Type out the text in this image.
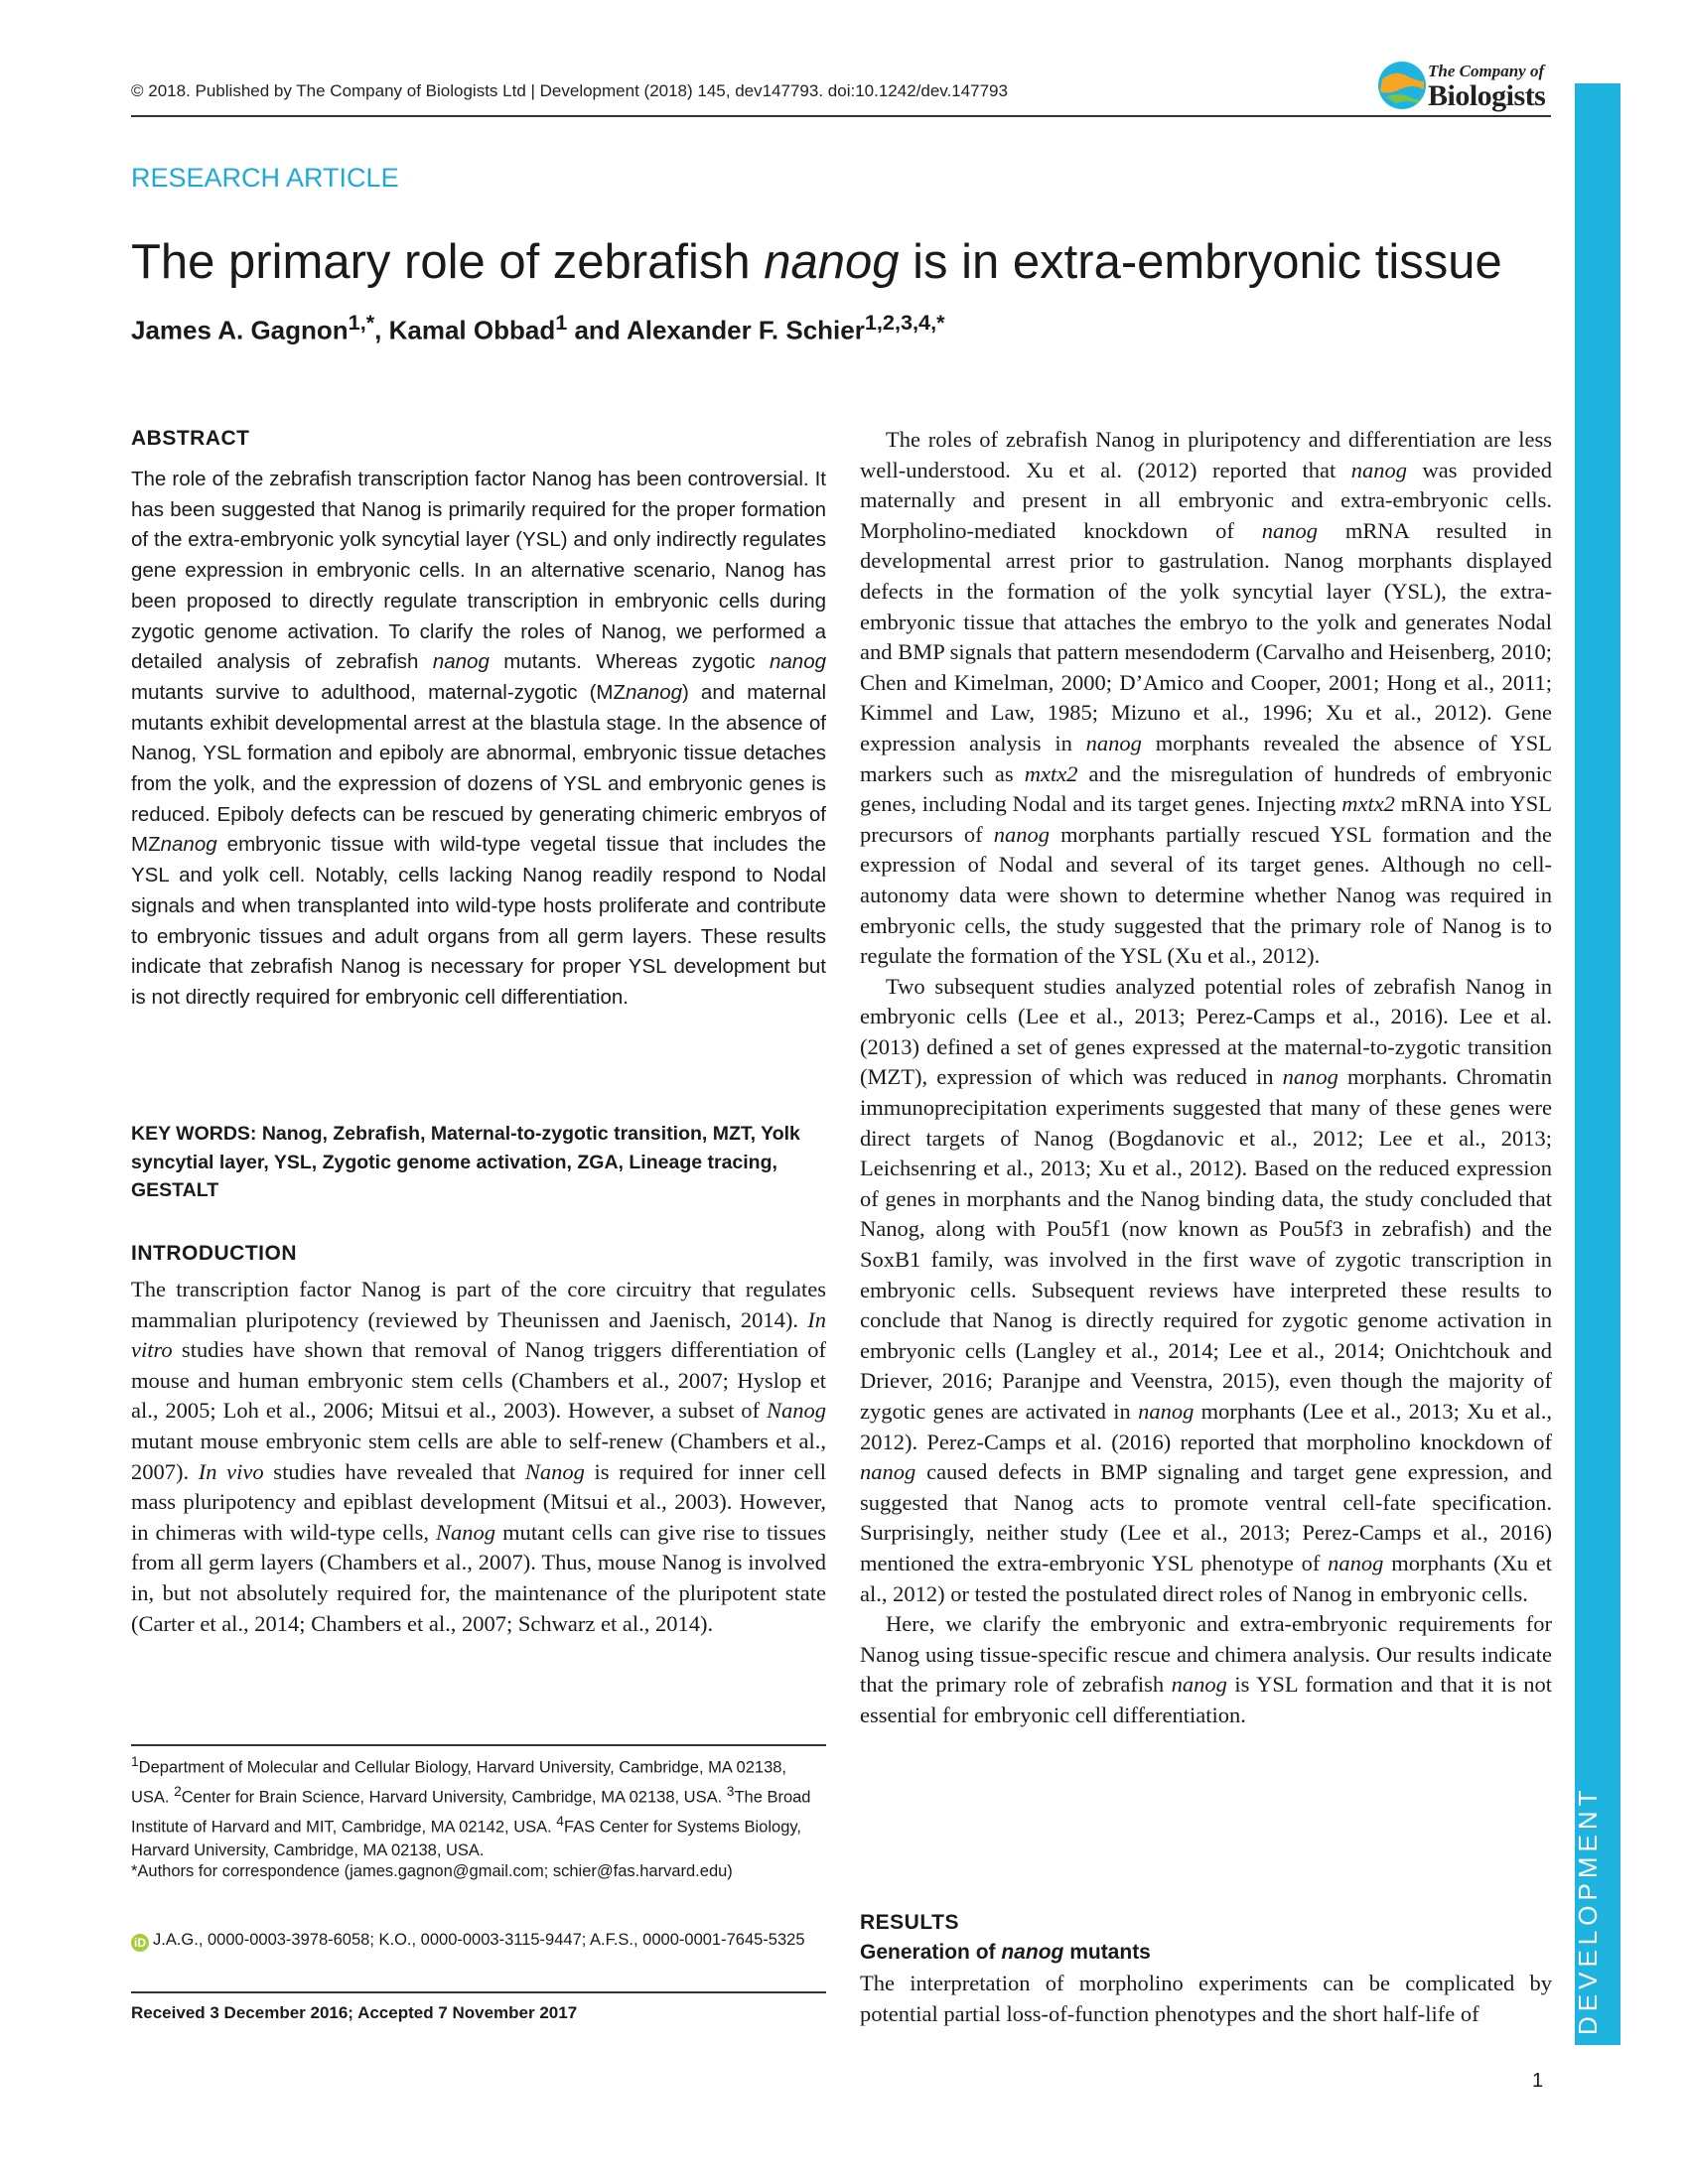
© 2018. Published by The Company of Biologists Ltd | Development (2018) 145, dev147793. doi:10.1242/dev.147793
The Company of
Biologists
DEVELOPMENT
RESEARCH ARTICLE
The primary role of zebrafish nanog is in extra-embryonic tissue
James A. Gagnon$^{1,*}$, Kamal Obbad$^1$ and Alexander F. Schier$^{1,2,3,4,*}$
ABSTRACT
The role of the zebrafish transcription factor Nanog has been controversial. It has been suggested that Nanog is primarily required for the proper formation of the extra-embryonic yolk syncytial layer (YSL) and only indirectly regulates gene expression in embryonic cells. In an alternative scenario, Nanog has been proposed to directly regulate transcription in embryonic cells during zygotic genome activation. To clarify the roles of Nanog, we performed a detailed analysis of zebrafish nanog mutants. Whereas zygotic nanog mutants survive to adulthood, maternal-zygotic (MZnanog) and maternal mutants exhibit developmental arrest at the blastula stage. In the absence of Nanog, YSL formation and epiboly are abnormal, embryonic tissue detaches from the yolk, and the expression of dozens of YSL and embryonic genes is reduced. Epiboly defects can be rescued by generating chimeric embryos of MZnanog embryonic tissue with wild-type vegetal tissue that includes the YSL and yolk cell. Notably, cells lacking Nanog readily respond to Nodal signals and when transplanted into wild-type hosts proliferate and contribute to embryonic tissues and adult organs from all germ layers. These results indicate that zebrafish Nanog is necessary for proper YSL development but is not directly required for embryonic cell differentiation.
KEY WORDS: Nanog, Zebrafish, Maternal-to-zygotic transition, MZT, Yolk syncytial layer, YSL, Zygotic genome activation, ZGA, Lineage tracing, GESTALT
INTRODUCTION
The transcription factor Nanog is part of the core circuitry that regulates mammalian pluripotency (reviewed by Theunissen and Jaenisch, 2014). In vitro studies have shown that removal of Nanog triggers differentiation of mouse and human embryonic stem cells (Chambers et al., 2007; Hyslop et al., 2005; Loh et al., 2006; Mitsui et al., 2003). However, a subset of Nanog mutant mouse embryonic stem cells are able to self-renew (Chambers et al., 2007). In vivo studies have revealed that Nanog is required for inner cell mass pluripotency and epiblast development (Mitsui et al., 2003). However, in chimeras with wild-type cells, Nanog mutant cells can give rise to tissues from all germ layers (Chambers et al., 2007). Thus, mouse Nanog is involved in, but not absolutely required for, the maintenance of the pluripotent state (Carter et al., 2014; Chambers et al., 2007; Schwarz et al., 2014).
$^1$Department of Molecular and Cellular Biology, Harvard University, Cambridge, MA 02138, USA. $^2$Center for Brain Science, Harvard University, Cambridge, MA 02138, USA. $^3$The Broad Institute of Harvard and MIT, Cambridge, MA 02142, USA. $^4$FAS Center for Systems Biology, Harvard University, Cambridge, MA 02138, USA.
*Authors for correspondence (james.gagnon@gmail.com; schier@fas.harvard.edu)
iD J.A.G., 0000-0003-3978-6058; K.O., 0000-0003-3115-9447; A.F.S., 0000-0001-7645-5325
Received 3 December 2016; Accepted 7 November 2017

The roles of zebrafish Nanog in pluripotency and differentiation are less well-understood. Xu et al. (2012) reported that nanog was provided maternally and present in all embryonic and extra-embryonic cells. Morpholino-mediated knockdown of nanog mRNA resulted in developmental arrest prior to gastrulation. Nanog morphants displayed defects in the formation of the yolk syncytial layer (YSL), the extra-embryonic tissue that attaches the embryo to the yolk and generates Nodal and BMP signals that pattern mesendoderm (Carvalho and Heisenberg, 2010; Chen and Kimelman, 2000; D’Amico and Cooper, 2001; Hong et al., 2011; Kimmel and Law, 1985; Mizuno et al., 1996; Xu et al., 2012). Gene expression analysis in nanog morphants revealed the absence of YSL markers such as mxtx2 and the misregulation of hundreds of embryonic genes, including Nodal and its target genes. Injecting mxtx2 mRNA into YSL precursors of nanog morphants partially rescued YSL formation and the expression of Nodal and several of its target genes. Although no cell-autonomy data were shown to determine whether Nanog was required in embryonic cells, the study suggested that the primary role of Nanog is to regulate the formation of the YSL (Xu et al., 2012).

Two subsequent studies analyzed potential roles of zebrafish Nanog in embryonic cells (Lee et al., 2013; Perez-Camps et al., 2016). Lee et al. (2013) defined a set of genes expressed at the maternal-to-zygotic transition (MZT), expression of which was reduced in nanog morphants. Chromatin immunoprecipitation experiments suggested that many of these genes were direct targets of Nanog (Bogdanovic et al., 2012; Lee et al., 2013; Leichsenring et al., 2013; Xu et al., 2012). Based on the reduced expression of genes in morphants and the Nanog binding data, the study concluded that Nanog, along with Pou5f1 (now known as Pou5f3 in zebrafish) and the SoxB1 family, was involved in the first wave of zygotic transcription in embryonic cells. Subsequent reviews have interpreted these results to conclude that Nanog is directly required for zygotic genome activation in embryonic cells (Langley et al., 2014; Lee et al., 2014; Onichtchouk and Driever, 2016; Paranjpe and Veenstra, 2015), even though the majority of zygotic genes are activated in nanog morphants (Lee et al., 2013; Xu et al., 2012). Perez-Camps et al. (2016) reported that morpholino knockdown of nanog caused defects in BMP signaling and target gene expression, and suggested that Nanog acts to promote ventral cell-fate specification. Surprisingly, neither study (Lee et al., 2013; Perez-Camps et al., 2016) mentioned the extra-embryonic YSL phenotype of nanog morphants (Xu et al., 2012) or tested the postulated direct roles of Nanog in embryonic cells.

Here, we clarify the embryonic and extra-embryonic requirements for Nanog using tissue-specific rescue and chimera analysis. Our results indicate that the primary role of zebrafish nanog is YSL formation and that it is not essential for embryonic cell differentiation.

RESULTS
Generation of nanog mutants
The interpretation of morpholino experiments can be complicated by potential partial loss-of-function phenotypes and the short half-life of
1
